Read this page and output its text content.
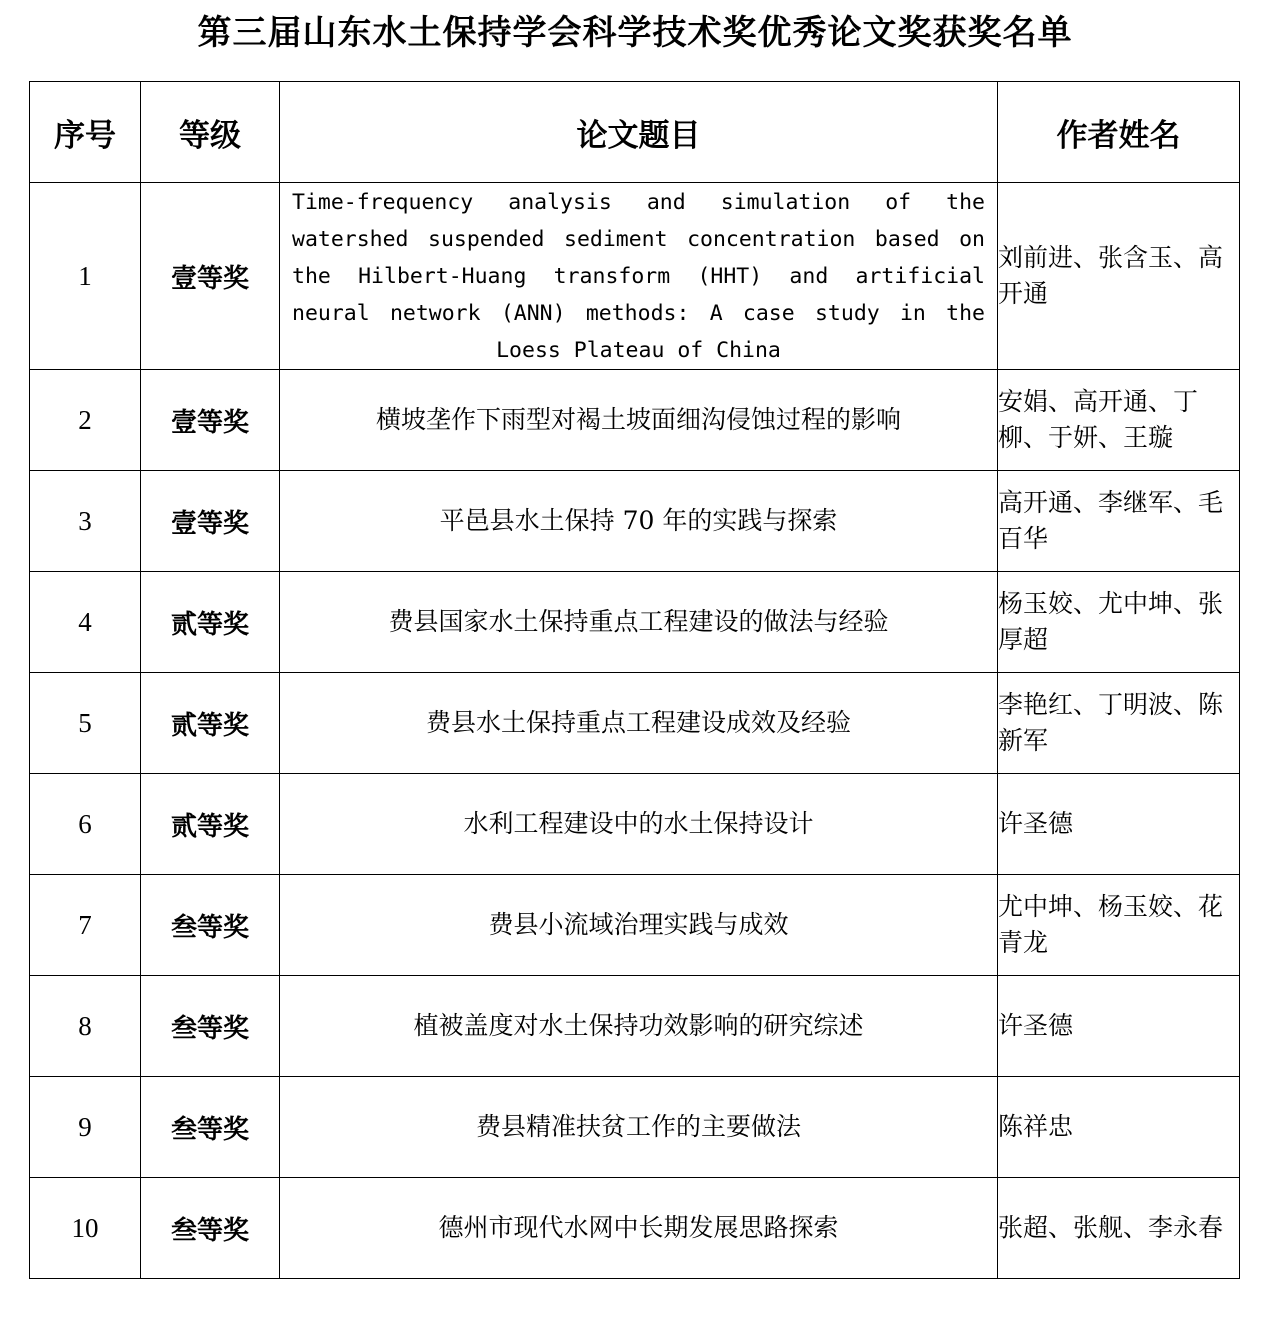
第三届山东水土保持学会科学技术奖优秀论文奖获奖名单
序号	等级	论文题目	作者姓名
1	壹等奖	Time-frequency analysis and simulation of the watershed suspended sediment concentration based on the Hilbert-Huang transform (HHT) and artificial neural network (ANN) methods: A case study in the Loess Plateau of China	刘前进、张含玉、高开通
2	壹等奖	横坡垄作下雨型对褐土坡面细沟侵蚀过程的影响	安娟、高开通、丁柳、于妍、王璇
3	壹等奖	平邑县水土保持 70 年的实践与探索	高开通、李继军、毛百华
4	贰等奖	费县国家水土保持重点工程建设的做法与经验	杨玉姣、尤中坤、张厚超
5	贰等奖	费县水土保持重点工程建设成效及经验	李艳红、丁明波、陈新军
6	贰等奖	水利工程建设中的水土保持设计	许圣德
7	叁等奖	费县小流域治理实践与成效	尤中坤、杨玉姣、花青龙
8	叁等奖	植被盖度对水土保持功效影响的研究综述	许圣德
9	叁等奖	费县精准扶贫工作的主要做法	陈祥忠
10	叁等奖	德州市现代水网中长期发展思路探索	张超、张舰、李永春
